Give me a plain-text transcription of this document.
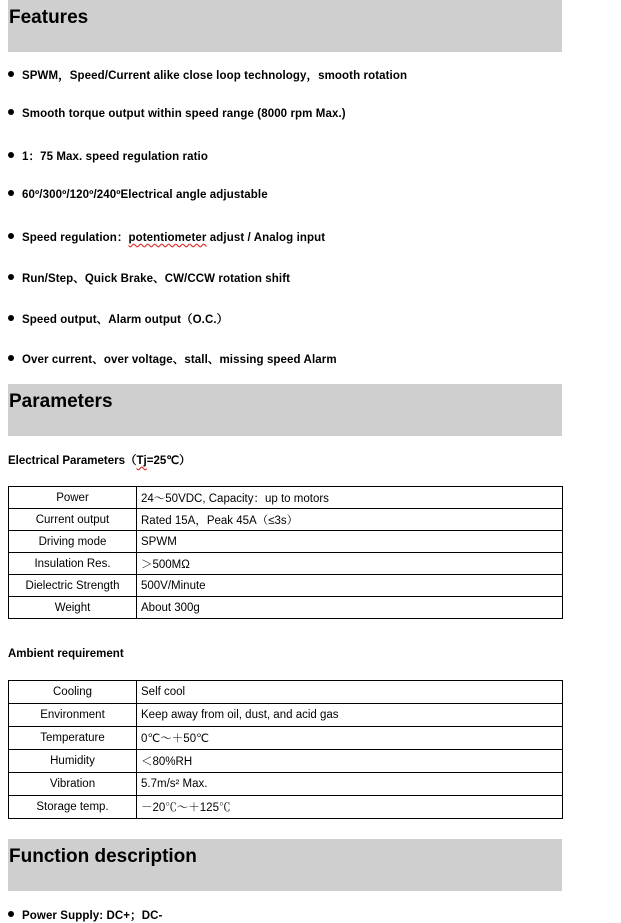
Features
SPWM，Speed/Current alike close loop technology，smooth rotation
Smooth torque output within speed range (8000 rpm Max.)
1：75 Max. speed regulation ratio
60º/300º/120º/240ºElectrical angle adjustable
Speed regulation：potentiometer adjust / Analog input
Run/Step、Quick Brake、CW/CCW rotation shift
Speed output、Alarm output（O.C.）
Over current、over voltage、stall、missing speed Alarm
Parameters
Electrical Parameters（Tj=25℃）
Power	24～50VDC, Capacity：up to motors
Current output	Rated 15A，Peak 45A（≤3s）
Driving mode	SPWM
Insulation Res.	＞500MΩ
Dielectric Strength	500V/Minute
Weight	About 300g
Ambient requirement
Cooling	Self cool
Environment	Keep away from oil, dust, and acid gas
Temperature	0℃～＋50℃
Humidity	＜80%RH
Vibration	5.7m/s² Max.
Storage temp.	－20℃～＋125℃
Function description
Power Supply: DC+；DC-
